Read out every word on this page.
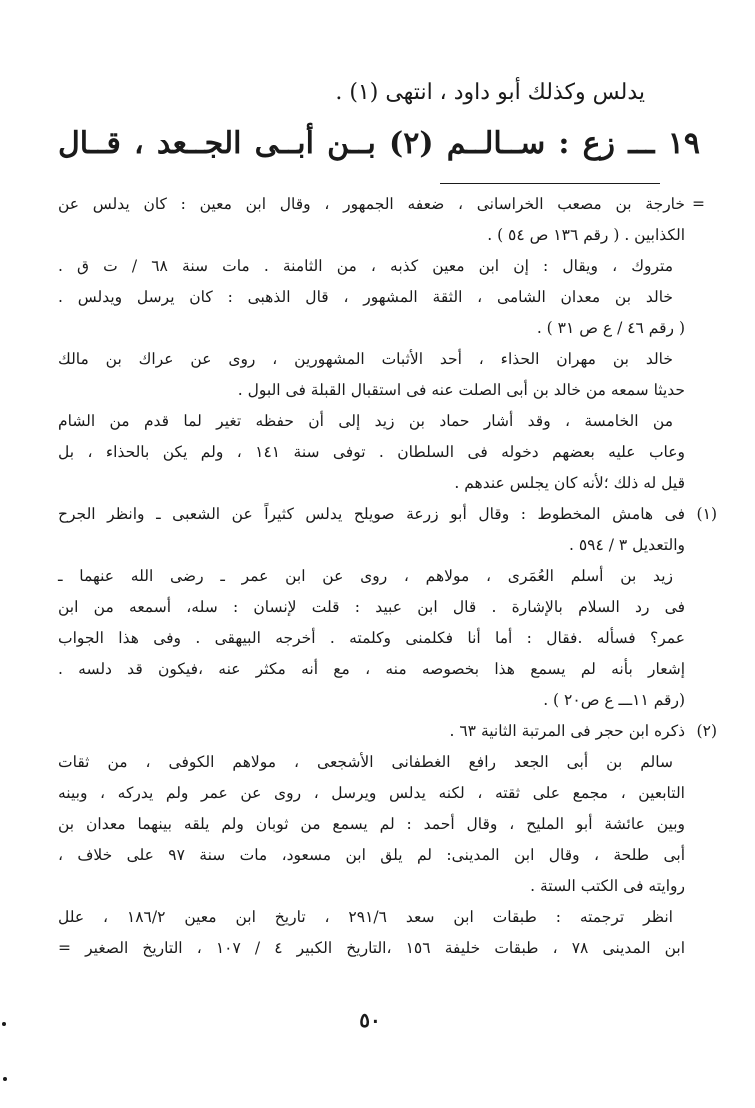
يدلس وكذلك أبو داود ، انتهى (١) .
١٩ ـــ زع : ســالــم (٢) بــن أبــى الجــعد ، قــال
=
خارجة بن مصعب الخراسانى ، ضعفه الجمهور ، وقال ابن معين : كان يدلس عن
الكذابين . ( رقم ١٣٦ ص ٥٤ ) .
متروك ، ويقال : إن ابن معين كذبه ، من الثامنة . مات سنة ٦٨ / ت ق .
خالد بن معدان الشامى ، الثقة المشهور ، قال الذهبى : كان يرسل ويدلس .
( رقم ٤٦ / ع ص ٣١ ) .
خالد بن مهران الحذاء ، أحد الأثبات المشهورين ، روى عن عراك بن مالك
حديثا سمعه من خالد بن أبى الصلت عنه فى استقبال القبلة فى البول .
من الخامسة ، وقد أشار حماد بن زيد إلى أن حفظه تغير لما قدم من الشام
وعاب عليه بعضهم دخوله فى السلطان . توفى سنة ١٤١ ، ولم يكن بالحذاء ، بل
قيل له ذلك ؛لأنه كان يجلس عندهم .
(١)
فى هامش المخطوط : وقال أبو زرعة صويلح يدلس كثيراً عن الشعبى ـ وانظر الجرح
والتعديل ٣ / ٥٩٤ .
زيد بن أسلم العُمَرى ، مولاهم ، روى عن ابن عمر ـ رضى الله عنهما ـ
فى رد السلام بالإشارة . قال ابن عبيد : قلت لإنسان : سله، أسمعه من ابن
عمر؟ فسأله .فقال : أما أنا فكلمنى وكلمته . أخرجه البيهقى . وفى هذا الجواب
إشعار بأنه لم يسمع هذا بخصوصه منه ، مع أنه مكثر عنه ،فيكون قد دلسه .
(رقم ١١ـــ ع ص٢٠ ) .
(٢)
ذكره ابن حجر فى المرتبة الثانية ٦٣ .
سالم بن أبى الجعد رافع الغطفانى الأشجعى ، مولاهم الكوفى ، من ثقات
التابعين ، مجمع على ثقته ، لكنه يدلس ويرسل ، روى عن عمر ولم يدركه ، وبينه
وبين عائشة أبو المليح ، وقال أحمد : لم يسمع من ثوبان ولم يلقه بينهما معدان بن
أبى طلحة ، وقال ابن المدينى: لم يلق ابن مسعود، مات سنة ٩٧ على خلاف ،
روايته فى الكتب الستة .
انظر ترجمته : طبقات ابن سعد ٢٩١/٦ ، تاريخ ابن معين ١٨٦/٢ ، علل
ابن المدينى ٧٨ ، طبقات خليفة ١٥٦ ،التاريخ الكبير ٤ / ١٠٧ ، التاريخ الصغير =
٥٠
